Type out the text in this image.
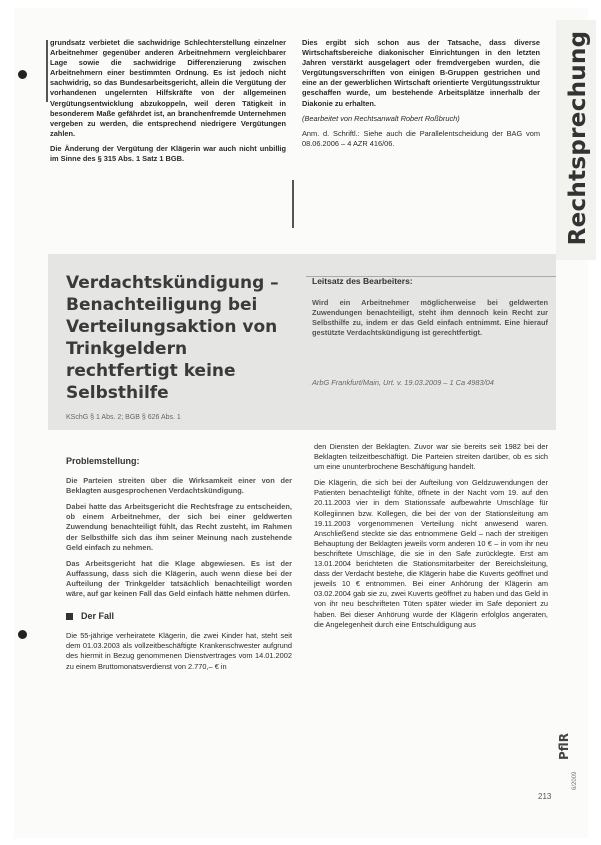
grundsatz verbietet die sachwidrige Schlechterstellung einzelner Arbeitnehmer gegenüber anderen Arbeitnehmern vergleichbarer Lage sowie die sachwidrige Differenzierung zwischen Arbeitnehmern einer bestimmten Ordnung. Es ist jedoch nicht sachwidrig, so das Bundesarbeitsgericht, allein die Vergütung der vorhandenen ungelernten Hilfskräfte von der allgemeinen Vergütungsentwicklung abzukoppeln, weil deren Tätigkeit in besonderem Maße gefährdet ist, an branchenfremde Unternehmen vergeben zu werden, die entsprechend niedrigere Vergütungen zahlen.

Die Änderung der Vergütung der Klägerin war auch nicht unbillig im Sinne des § 315 Abs. 1 Satz 1 BGB.

Dies ergibt sich schon aus der Tatsache, dass diverse Wirtschaftsbereiche diakonischer Einrichtungen in den letzten Jahren verstärkt ausgelagert oder fremdvergeben wurden, die Vergütungsverschriften von einigen B-Gruppen gestrichen und eine an der gewerblichen Wirtschaft orientierte Vergütungsstruktur geschaffen wurde, um bestehende Arbeitsplätze innerhalb der Diakonie zu erhalten.

(Bearbeitet von Rechtsanwalt Robert Roßbruch)

Anm. d. Schriftl.: Siehe auch die Parallelentscheidung der BAG vom 08.06.2006 – 4 AZR 416/06.	Rechtsprechung
Verdachtskündigung – Benachteiligung bei Verteilungsaktion von Trinkgeldern rechtfertigt keine Selbsthilfe
KSchG § 1 Abs. 2; BGB § 626 Abs. 1
Leitsatz des Bearbeiters:
Wird ein Arbeitnehmer möglicherweise bei geldwerten Zuwendungen benachteiligt, steht ihm dennoch kein Recht zur Selbsthilfe zu, indem er das Geld einfach entnimmt. Eine hierauf gestützte Verdachtskündigung ist gerechtfertigt.
ArbG Frankfurt/Main, Urt. v. 19.03.2009 – 1 Ca 4983/04

Problemstellung:

Die Parteien streiten über die Wirksamkeit einer von der Beklagten ausgesprochenen Verdachtskündigung.

Dabei hatte das Arbeitsgericht die Rechtsfrage zu entscheiden, ob einem Arbeitnehmer, der sich bei einer geldwerten Zuwendung benachteiligt fühlt, das Recht zusteht, im Rahmen der Selbsthilfe sich das ihm seiner Meinung nach zustehende Geld einfach zu nehmen.

Das Arbeitsgericht hat die Klage abgewiesen. Es ist der Auffassung, dass sich die Klägerin, auch wenn diese bei der Aufteilung der Trinkgelder tatsächlich benachteiligt worden wäre, auf gar keinen Fall das Geld einfach hätte nehmen dürfen.

Der Fall

Die 55-jährige verheiratete Klägerin, die zwei Kinder hat, steht seit dem 01.03.2003 als vollzeitbeschäftigte Krankenschwester aufgrund des hiermit in Bezug genommenen Dienstvertrages vom 14.01.2002 zu einem Bruttomonatsverdienst von 2.770,– € in

den Diensten der Beklagten. Zuvor war sie bereits seit 1982 bei der Beklagten teilzeitbeschäftigt. Die Parteien streiten darüber, ob es sich um eine ununterbrochene Beschäftigung handelt.

Die Klägerin, die sich bei der Aufteilung von Geldzuwendungen der Patienten benachteiligt fühlte, öffnete in der Nacht vom 19. auf den 20.11.2003 vier in dem Stationssafe aufbewahrte Umschläge für Kollegiinnen bzw. Kollegen, die bei der von der Stationsleitung am 19.11.2003 vorgenommenen Verteilung nicht anwesend waren. Anschließend steckte sie das entnommene Geld – nach der streitigen Behauptung der Beklagten jeweils vorm anderen 10 € – in vom ihr neu beschriftete Umschläge, die sie in den Safe zurücklegte. Erst am 13.01.2004 berichteten die Stationsmitarbeiter der Bereichsleitung, dass der Verdacht bestehe, die Klägerin habe die Kuverts geöffnet und jeweils 10 € entnommen. Bei einer Anhörung der Klägerin am 03.02.2004 gab sie zu, zwei Kuverts geöffnet zu haben und das Geld in von ihr neu beschrifteten Tüten später wieder im Safe deponiert zu haben. Bei dieser Anhörung wurde der Klägerin erfolglos angeraten, die Angelegenheit durch eine Entschuldigung aus

213
PflR
6/2009
